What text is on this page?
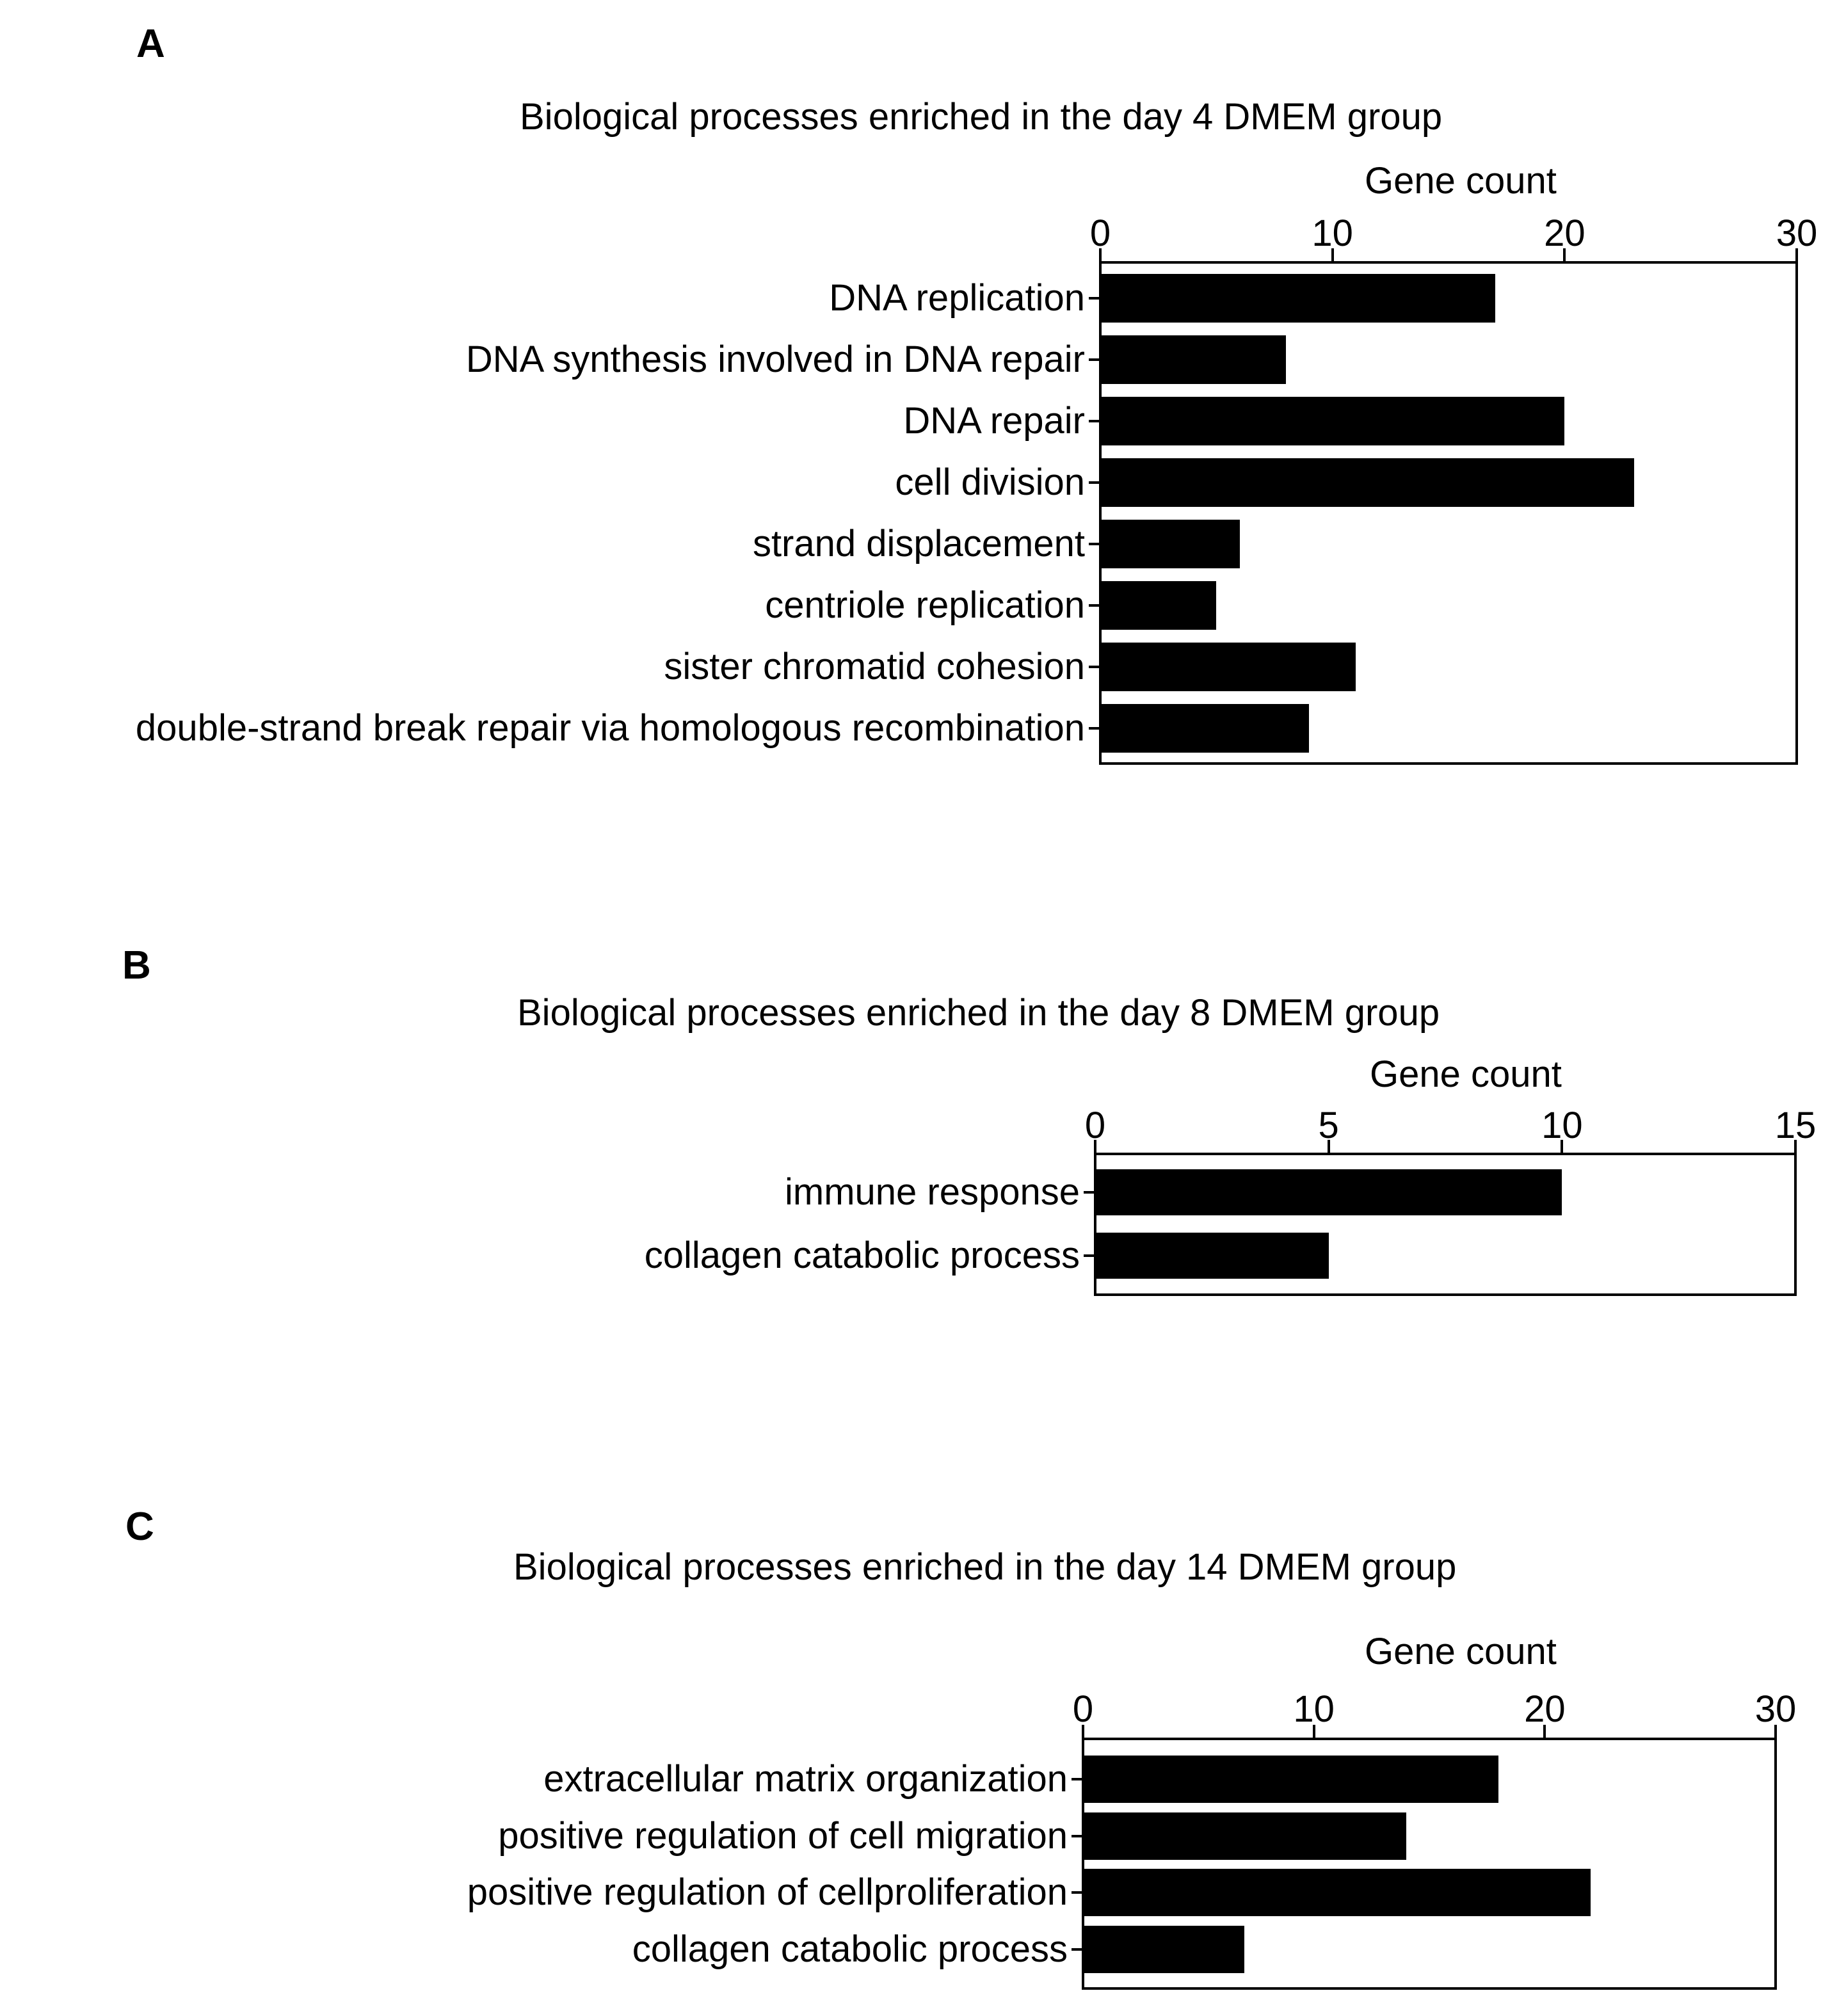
A
Biological processes enriched in the day 4 DMEM group
Gene count
B
Biological processes enriched in the day 8 DMEM group
Gene count
C
Biological processes enriched in the day 14 DMEM group
Gene count
0	10	20	30
DNA replication
DNA synthesis involved in DNA repair
DNA repair
cell division
strand displacement
centriole replication
sister chromatid cohesion
double-strand break repair via homologous recombination
0	5	10	15
immune response
collagen catabolic process
0	10	20	30
extracellular matrix organization
positive regulation of cell migration
positive regulation of cellproliferation
collagen catabolic process
